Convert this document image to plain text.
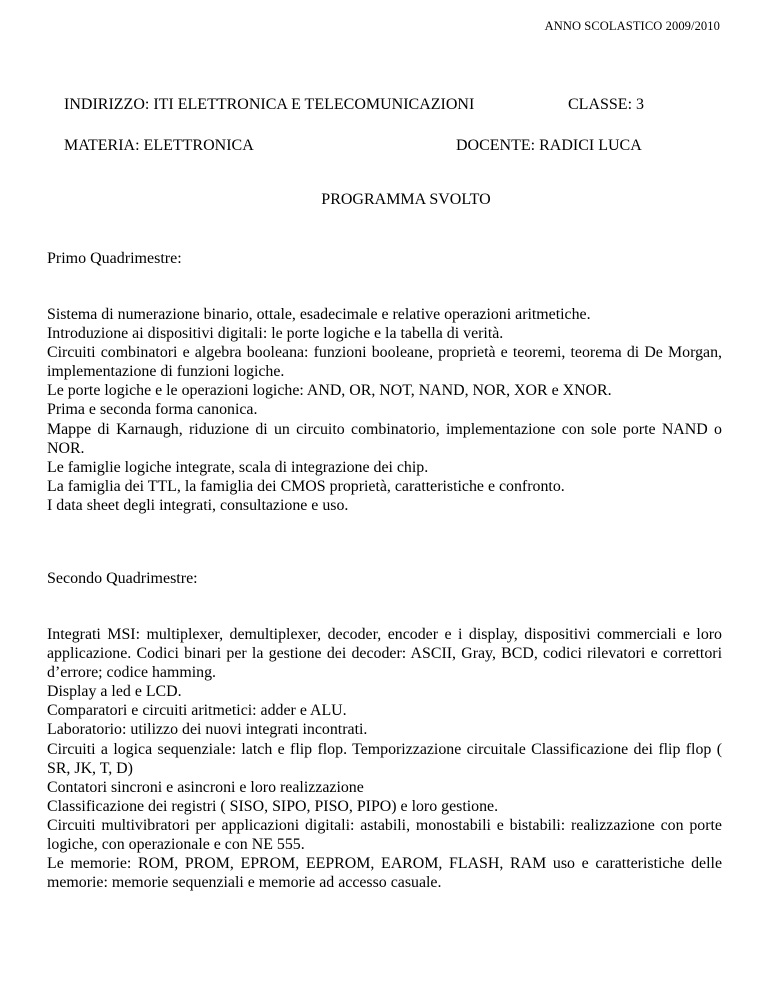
ANNO SCOLASTICO 2009/2010
INDIRIZZO: ITI ELETTRONICA E TELECOMUNICAZIONI	CLASSE: 3
MATERIA: ELETTRONICA	DOCENTE: RADICI LUCA
PROGRAMMA SVOLTO
Primo Quadrimestre:

Sistema di numerazione binario, ottale, esadecimale e relative operazioni aritmetiche.

Introduzione ai dispositivi digitali: le porte logiche e la tabella di verità.

Circuiti combinatori e algebra booleana: funzioni booleane, proprietà e teoremi, teorema di De Morgan, implementazione di funzioni logiche.

Le porte logiche e le operazioni logiche: AND, OR, NOT, NAND, NOR, XOR e XNOR.

Prima e seconda forma canonica.

Mappe di Karnaugh, riduzione di un circuito combinatorio, implementazione con sole porte NAND o NOR.

Le famiglie logiche integrate, scala di integrazione dei chip.

La famiglia dei TTL, la famiglia dei CMOS proprietà, caratteristiche e confronto.

I data sheet degli integrati, consultazione e uso.

Secondo Quadrimestre:

Integrati MSI: multiplexer, demultiplexer, decoder, encoder e i display, dispositivi commerciali e loro applicazione. Codici binari per la gestione dei decoder: ASCII, Gray, BCD, codici rilevatori e correttori d’errore; codice hamming.

Display a led e LCD.

Comparatori e circuiti aritmetici: adder e ALU.

Laboratorio: utilizzo dei nuovi integrati incontrati.

Circuiti a logica sequenziale: latch e flip flop. Temporizzazione circuitale Classificazione dei flip flop ( SR, JK, T, D)

Contatori sincroni e asincroni e loro realizzazione

Classificazione dei registri ( SISO, SIPO, PISO, PIPO) e loro gestione.

Circuiti multivibratori per applicazioni digitali: astabili, monostabili e bistabili: realizzazione con porte logiche, con operazionale e con NE 555.

Le memorie: ROM, PROM, EPROM, EEPROM, EAROM, FLASH, RAM uso e caratteristiche delle memorie: memorie sequenziali e memorie ad accesso casuale.
